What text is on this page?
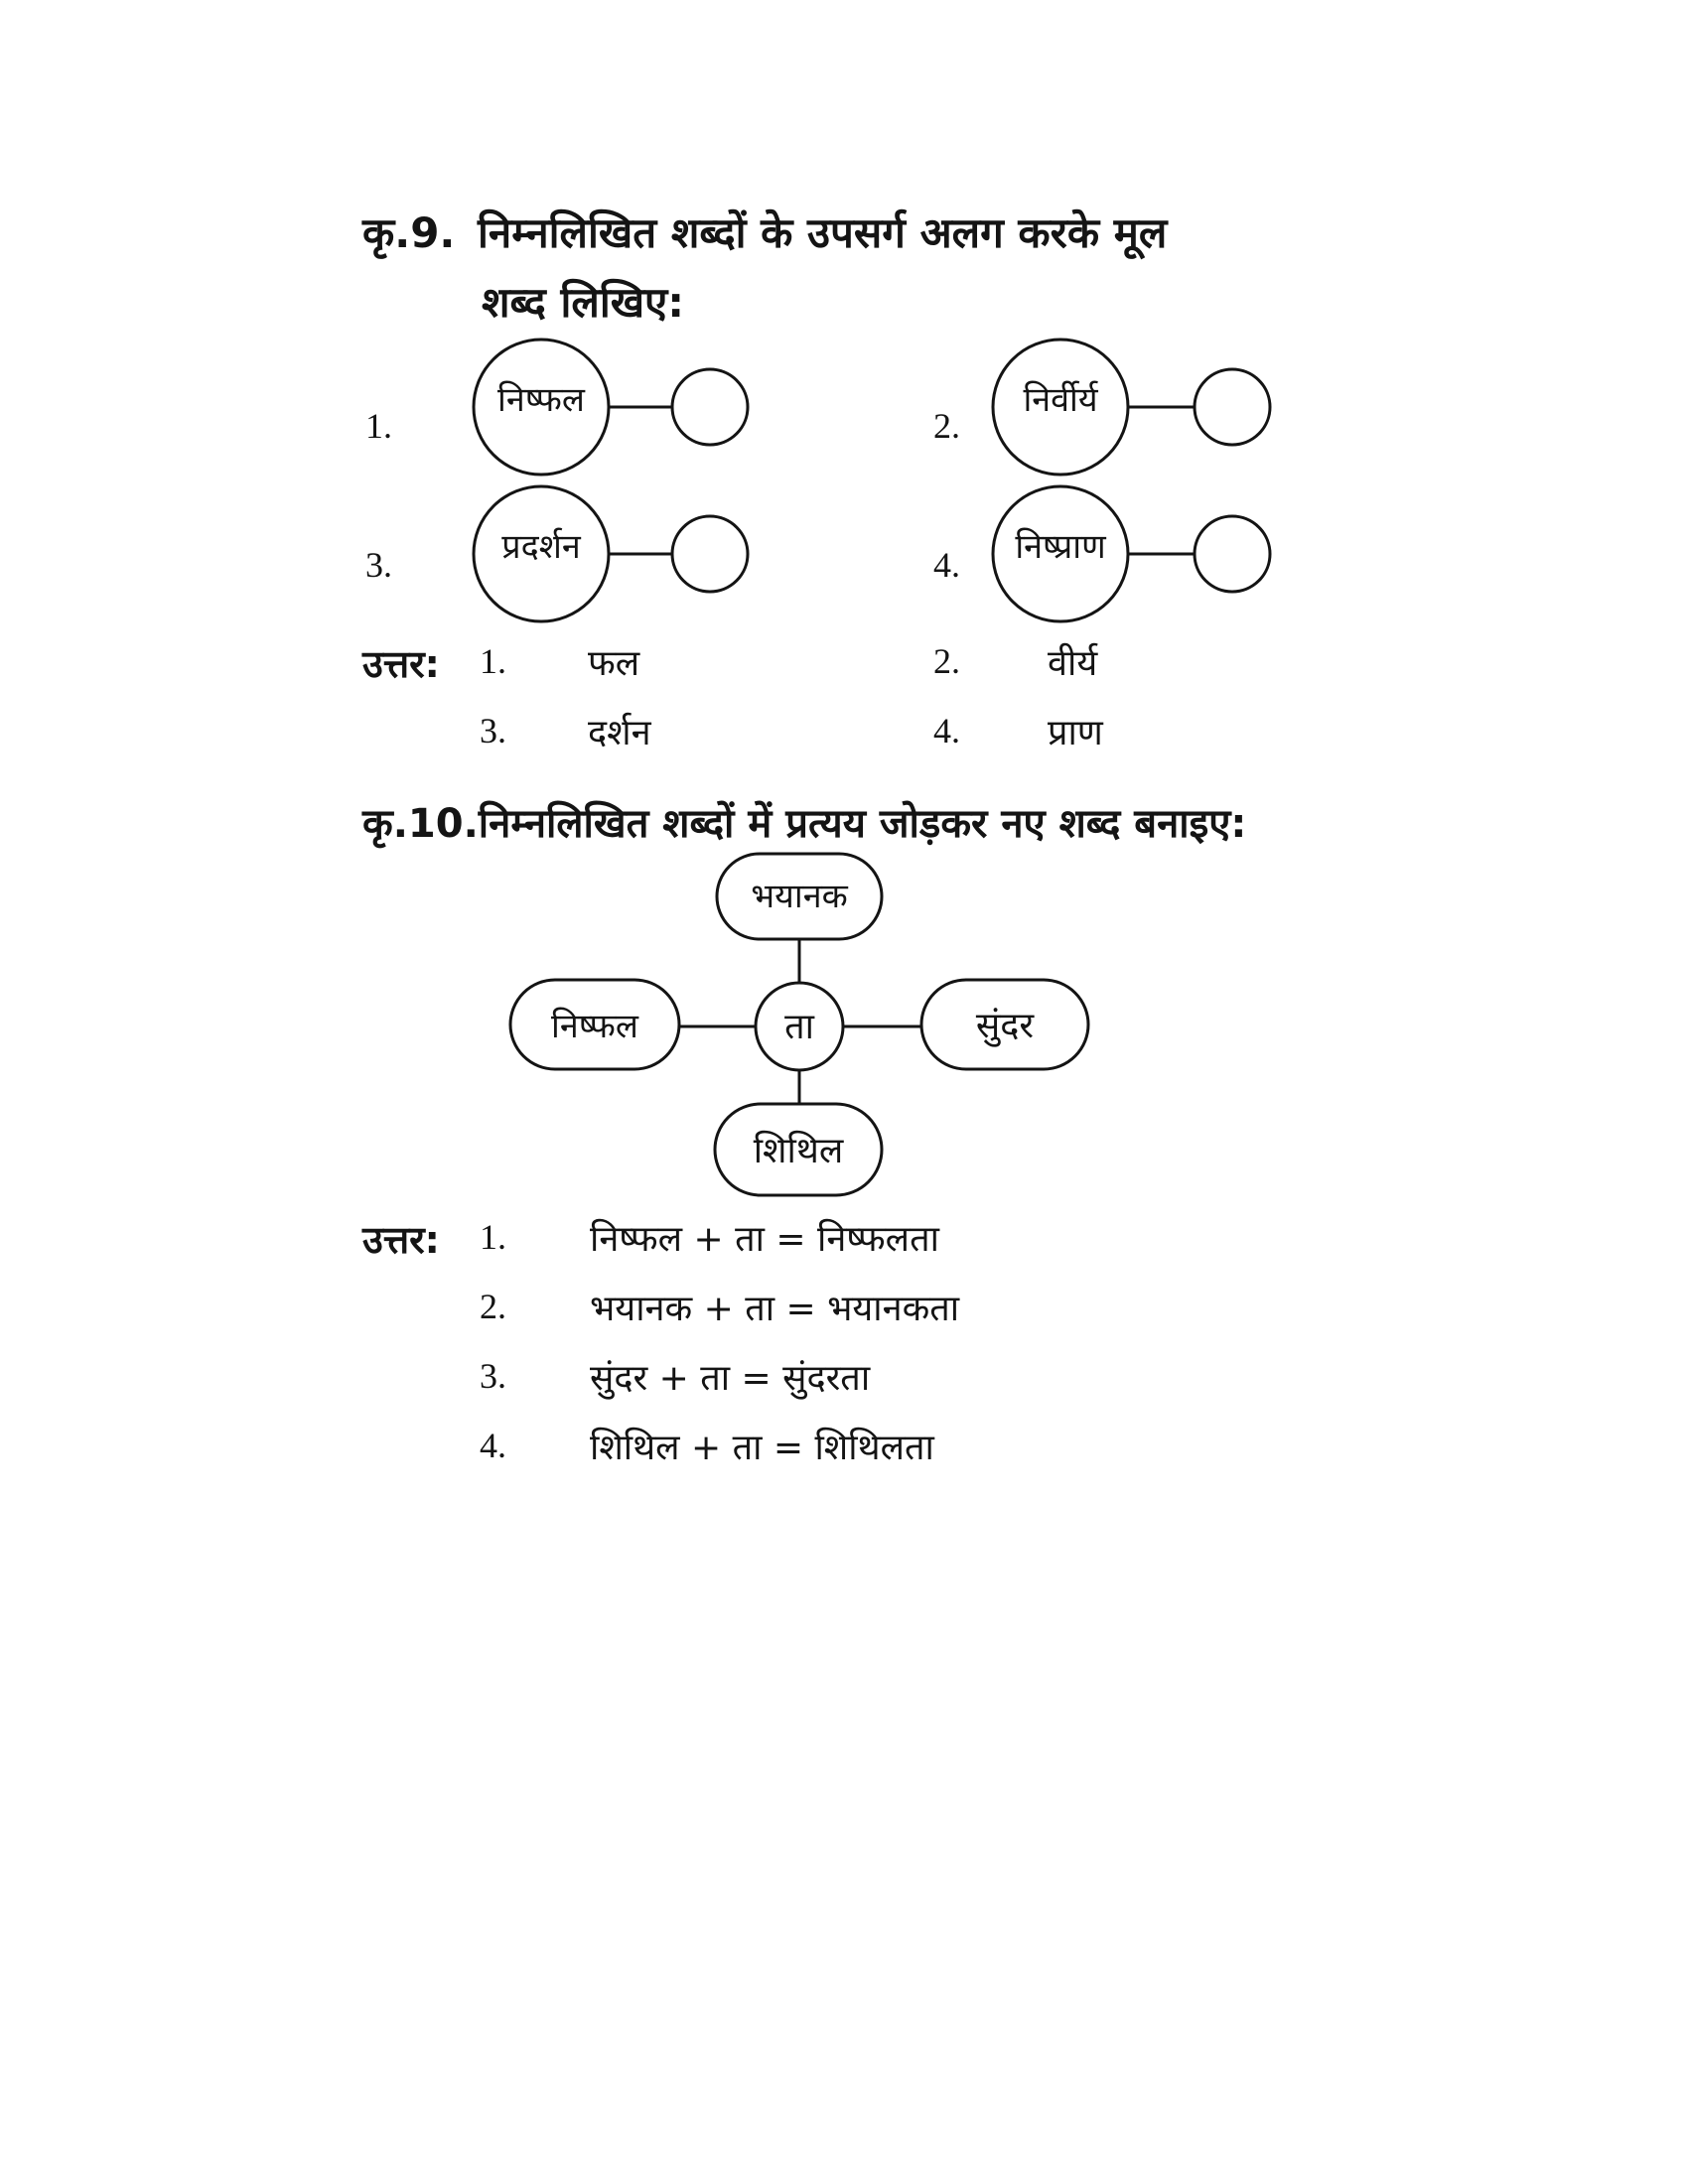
कृ.9. निम्नलिखित शब्दों के उपसर्ग अलग करके मूल
शब्द लिखिए:
निष्फल	निर्वीर्य
प्रदर्शन	निष्प्राण
1.	2.
3.	4.
उत्तर: 1. फल	2. वीर्य
3. दर्शन	4. प्राण
कृ.10.निम्नलिखित शब्दों में प्रत्यय जोड़कर नए शब्द बनाइए:
ता
भयानक
निष्फल	सुंदर
शिथिल
उत्तर: 1. निष्फल + ता = निष्फलता
2. भयानक + ता = भयानकता
3. सुंदर + ता = सुंदरता
4. शिथिल + ता = शिथिलता
